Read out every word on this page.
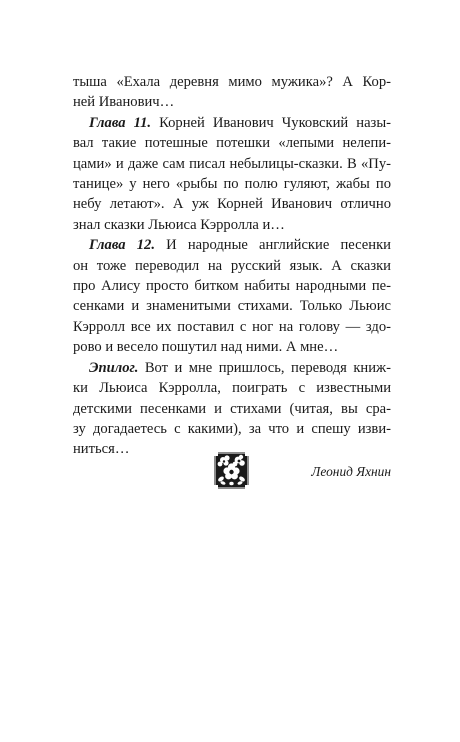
тыша «Ехала деревня мимо мужика»? А Кор-
ней Иванович…

Глава 11. Корней Иванович Чуковский назы-
вал такие потешные потешки «лепыми нелепи-
цами» и даже сам писал небылицы-сказки. В «Пу-
танице» у него «рыбы по полю гуляют, жабы по
небу летают». А уж Корней Иванович отлично
знал сказки Льюиса Кэрролла и…

Глава 12. И народные английские песенки
он тоже переводил на русский язык. А сказки
про Алису просто битком набиты народными пе-
сенками и знаменитыми стихами. Только Льюис
Кэрролл все их поставил с ног на голову — здо-
рово и весело пошутил над ними. А мне…

Эпилог. Вот и мне пришлось, переводя книж-
ки Льюиса Кэрролла, поиграть с известными
детскими песенками и стихами (читая, вы сра-
зу догадаетесь с какими), за что и спешу изви-
ниться…

Леонид Яхнин
